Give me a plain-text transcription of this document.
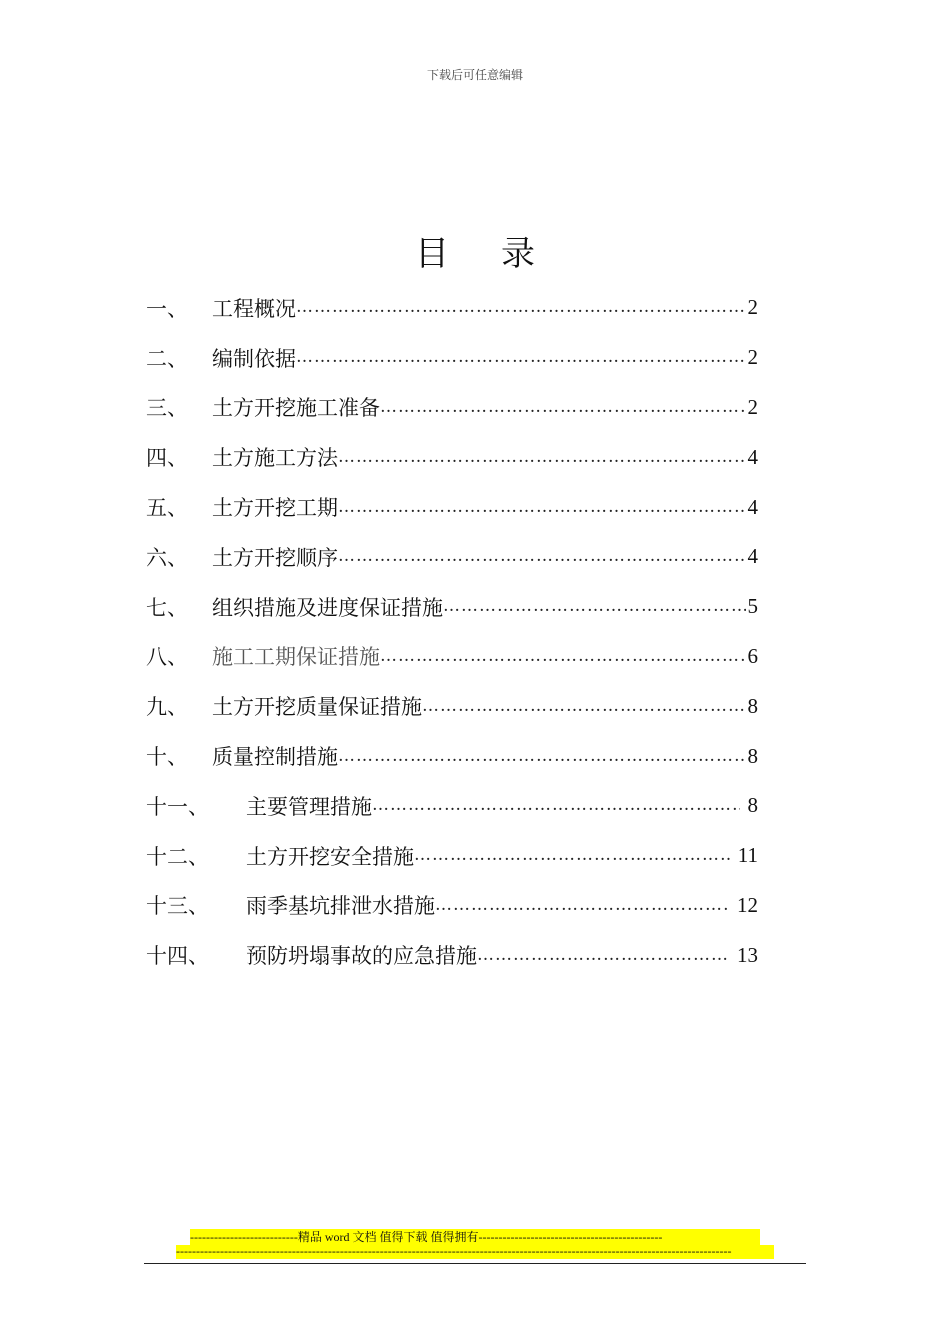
下载后可任意编辑
目 录
一、	工程概况 …………………………………………………………………………………………………………………………	2
二、	编制依据 …………………………………………………………………………………………………………………………	2
三、	土方开挖施工准备 …………………………………………………………………………………………………………………………	2
四、	土方施工方法 …………………………………………………………………………………………………………………………	4
五、	土方开挖工期 …………………………………………………………………………………………………………………………	4
六、	土方开挖顺序 …………………………………………………………………………………………………………………………	4
七、	组织措施及进度保证措施 …………………………………………………………………………………………………………………………	5
八、	施工工期保证措施 …………………………………………………………………………………………………………………………	6
九、	土方开挖质量保证措施 …………………………………………………………………………………………………………………………	8
十、	质量控制措施 …………………………………………………………………………………………………………………………	8
十一、	主要管理措施 …………………………………………………………………………………………………………………………	8
十二、	土方开挖安全措施 …………………………………………………………………………………………………………………………	11
十三、	雨季基坑排泄水措施 …………………………………………………………………………………………………………………………	12
十四、	预防坍塌事故的应急措施 …………………………………………………………………………………………………………………………	13
---------------------------精品 word 文档 值得下载 值得拥有----------------------------------------------
-------------------------------------------------------------------------------------------------------------------------------------------
